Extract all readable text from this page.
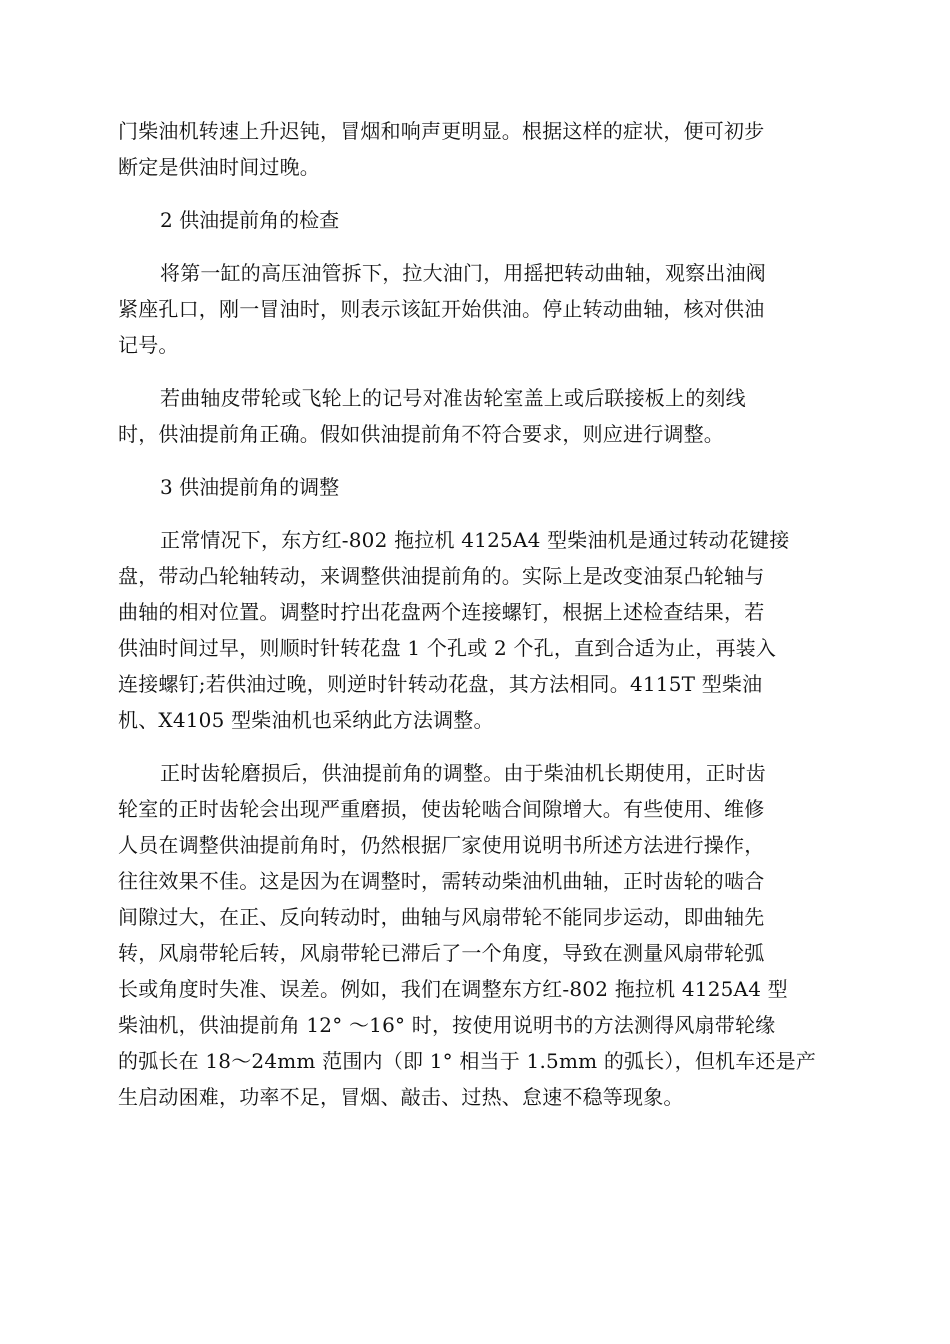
门柴油机转速上升迟钝，冒烟和响声更明显。根据这样的症状，便可初步
断定是供油时间过晚。

2 供油提前角的检查

将第一缸的高压油管拆下，拉大油门，用摇把转动曲轴，观察出油阀
紧座孔口，刚一冒油时，则表示该缸开始供油。停止转动曲轴，核对供油
记号。

若曲轴皮带轮或飞轮上的记号对准齿轮室盖上或后联接板上的刻线
时，供油提前角正确。假如供油提前角不符合要求，则应进行调整。

3 供油提前角的调整

正常情况下，东方红-802 拖拉机 4125A4 型柴油机是通过转动花键接
盘，带动凸轮轴转动，来调整供油提前角的。实际上是改变油泵凸轮轴与
曲轴的相对位置。调整时拧出花盘两个连接螺钉，根据上述检查结果，若
供油时间过早，则顺时针转花盘 1 个孔或 2 个孔，直到合适为止，再装入
连接螺钉;若供油过晚，则逆时针转动花盘，其方法相同。4115T 型柴油
机、X4105 型柴油机也采纳此方法调整。

正时齿轮磨损后，供油提前角的调整。由于柴油机长期使用，正时齿
轮室的正时齿轮会出现严重磨损，使齿轮啮合间隙增大。有些使用、维修
人员在调整供油提前角时，仍然根据厂家使用说明书所述方法进行操作，
往往效果不佳。这是因为在调整时，需转动柴油机曲轴，正时齿轮的啮合
间隙过大，在正、反向转动时，曲轴与风扇带轮不能同步运动，即曲轴先
转，风扇带轮后转，风扇带轮已滞后了一个角度，导致在测量风扇带轮弧
长或角度时失准、误差。例如，我们在调整东方红-802 拖拉机 4125A4 型
柴油机，供油提前角 12° ～16° 时，按使用说明书的方法测得风扇带轮缘
的弧长在 18～24mm 范围内（即 1° 相当于 1.5mm 的弧长），但机车还是产
生启动困难，功率不足，冒烟、敲击、过热、怠速不稳等现象。
